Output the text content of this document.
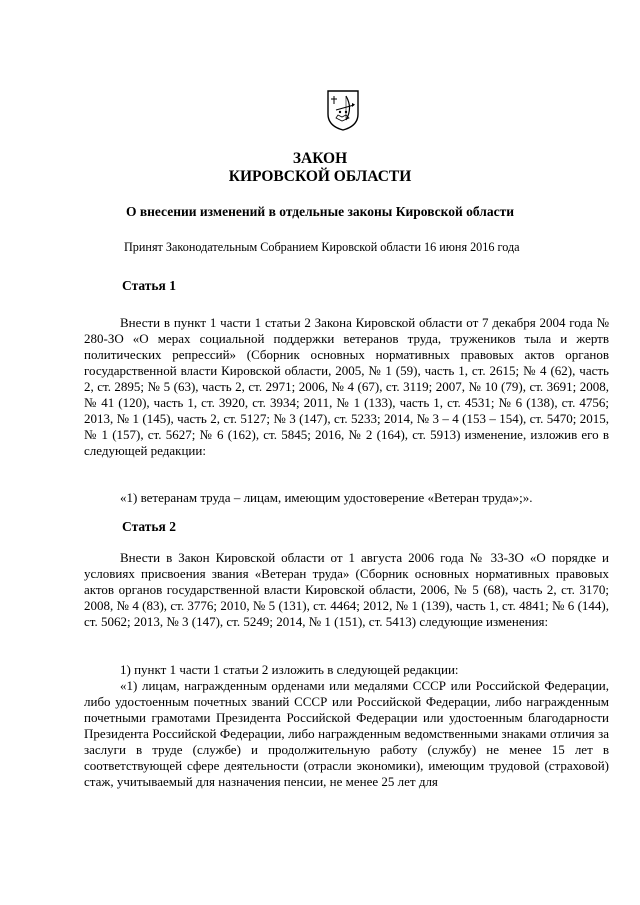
ЗАКОН

КИРОВСКОЙ ОБЛАСТИ

О внесении изменений в отдельные законы Кировской области

Принят Законодательным Собранием Кировской области 16 июня 2016 года

Статья 1

Внести в пункт 1 части 1 статьи 2 Закона Кировской области от 7 декабря 2004 года № 280-ЗО «О мерах социальной поддержки ветеранов труда, тружеников тыла и жертв политических репрессий» (Сборник основных нормативных правовых актов органов государственной власти Кировской области, 2005, № 1 (59), часть 1, ст. 2615; № 4 (62), часть 2, ст. 2895; № 5 (63), часть 2, ст. 2971; 2006, № 4 (67), ст. 3119; 2007, № 10 (79), ст. 3691; 2008, № 41 (120), часть 1, ст. 3920, ст. 3934; 2011, № 1 (133), часть 1, ст. 4531; № 6 (138), ст. 4756; 2013, № 1 (145), часть 2, ст. 5127; № 3 (147), ст. 5233; 2014, № 3 – 4 (153 – 154), ст. 5470; 2015, № 1 (157), ст. 5627; № 6 (162), ст. 5845; 2016, № 2 (164), ст. 5913) изменение, изложив его в следующей редакции:

«1) ветеранам труда – лицам, имеющим удостоверение «Ветеран труда»;».

Статья 2

Внести в Закон Кировской области от 1 августа 2006 года № 33-ЗО «О порядке и условиях присвоения звания «Ветеран труда» (Сборник основных нормативных правовых актов органов государственной власти Кировской области, 2006, № 5 (68), часть 2, ст. 3170; 2008, № 4 (83), ст. 3776; 2010, № 5 (131), ст. 4464; 2012, № 1 (139), часть 1, ст. 4841; № 6 (144), ст. 5062; 2013, № 3 (147), ст. 5249; 2014, № 1 (151), ст. 5413) следующие изменения:

1) пункт 1 части 1 статьи 2 изложить в следующей редакции:

«1) лицам, награжденным орденами или медалями СССР или Российской Федерации, либо удостоенным почетных званий СССР или Российской Федерации, либо награжденным почетными грамотами Президента Российской Федерации или удостоенным благодарности Президента Российской Федерации, либо награжденным ведомственными знаками отличия за заслуги в труде (службе) и продолжительную работу (службу) не менее 15 лет в соответствующей сфере деятельности (отрасли экономики), имеющим трудовой (страховой) стаж, учитываемый для назначения пенсии, не менее 25 лет для
